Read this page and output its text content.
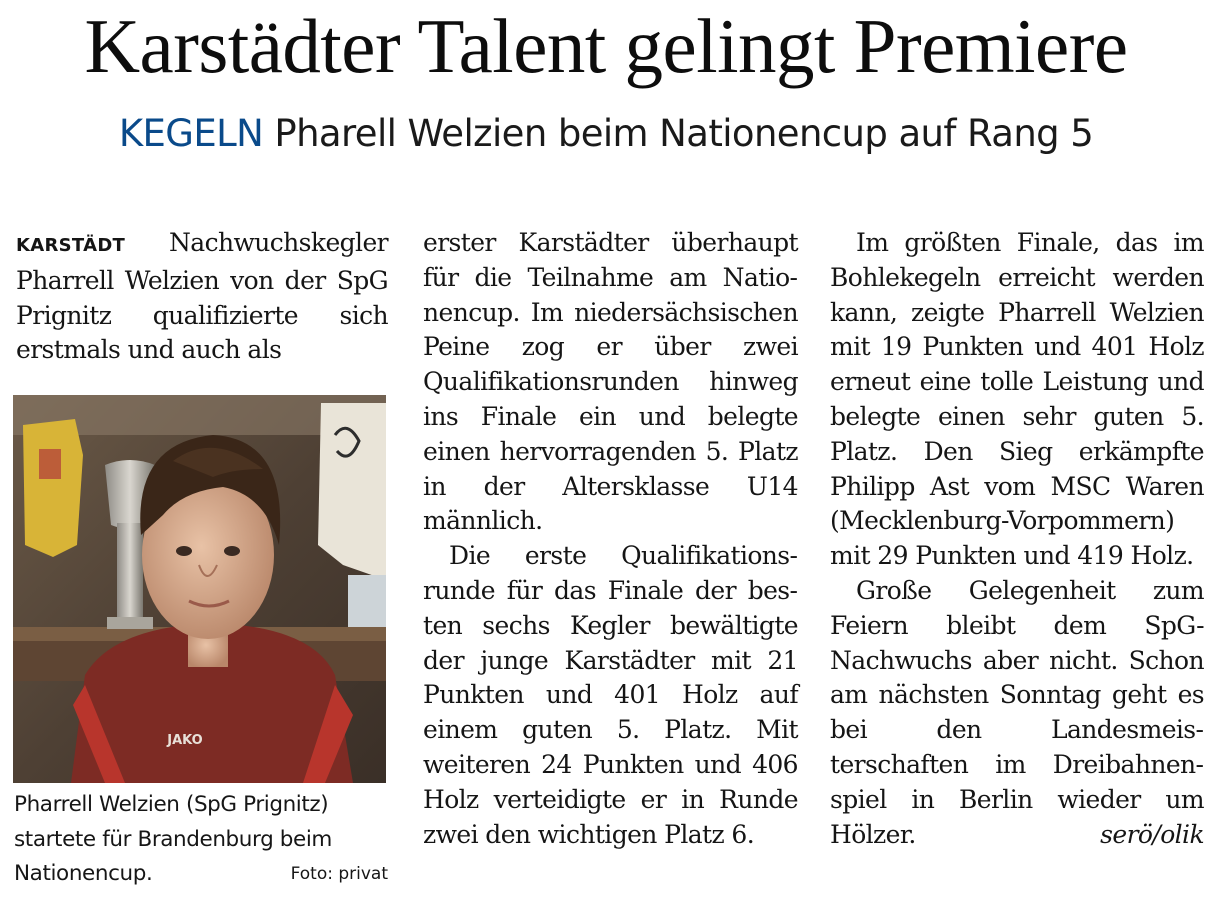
Karstädter Talent gelingt Premiere
KEGELN Pharell Welzien beim Nationencup auf Rang 5

KARSTÄDT Nachwuchskegler Pharrell Welzien von der SpG Prignitz qualifizierte sich erstmals und auch als

JAKO
Pharrell Welzien (SpG Prignitz) startete für Brandenburg beim Nationencup.	Foto: privat

erster Karstädter überhaupt für die Teilnahme am Nationencup. Im niedersächsischen Peine zog er über zwei Qualifikationsrunden hinweg ins Finale ein und belegte einen hervorragenden 5. Platz in der Altersklasse U14 männlich.

Die erste Qualifikationsrunde für das Finale der besten sechs Kegler bewältigte der junge Karstädter mit 21 Punkten und 401 Holz auf einem guten 5. Platz. Mit weiteren 24 Punkten und 406 Holz verteidigte er in Runde zwei den wichtigen Platz 6.

Im größten Finale, das im Bohlekegeln erreicht werden kann, zeigte Pharrell Welzien mit 19 Punkten und 401 Holz erneut eine tolle Leistung und belegte einen sehr guten 5. Platz. Den Sieg erkämpfte Philipp Ast vom MSC Waren (Mecklenburg-Vorpommern) mit 29 Punkten und 419 Holz.

Große Gelegenheit zum Feiern bleibt dem SpG-Nachwuchs aber nicht. Schon am nächsten Sonntag geht es bei den Landesmeisterschaften im Dreibahnenspiel in Berlin wieder um Hölzer.	serö/olik
